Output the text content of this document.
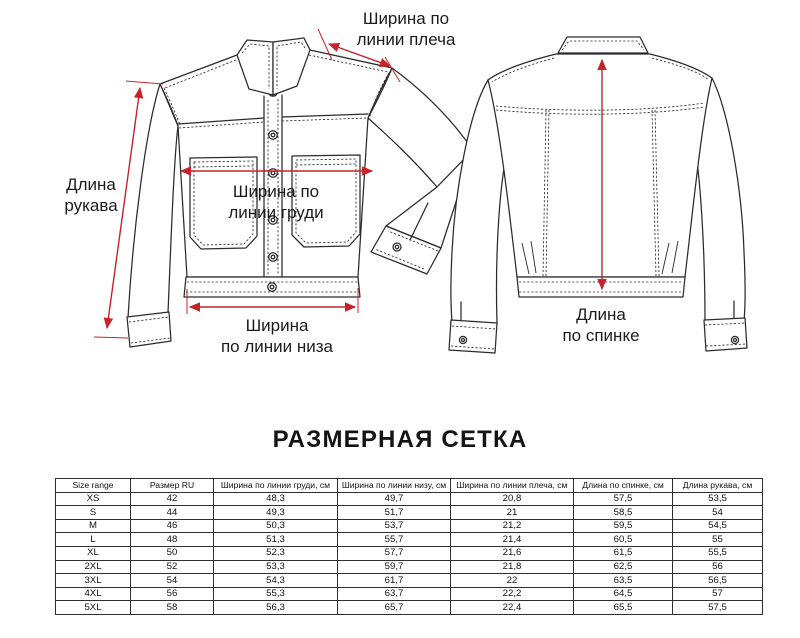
Длина
рукава
Ширина по
линии плеча
Ширина по
линии груди
Ширина
по линии низа
Длина
по спинке
РАЗМЕРНАЯ СЕТКА
Size range	Размер RU	Ширина по линии груди, см	Ширина по линии низу, см	Ширина по линии плеча, см	Длина по спинке, см	Длина рукава, см
XS	42	48,3	49,7	20,8	57,5	53,5
S	44	49,3	51,7	21	58,5	54
M	46	50,3	53,7	21,2	59,5	54,5
L	48	51,3	55,7	21,4	60,5	55
XL	50	52,3	57,7	21,6	61,5	55,5
2XL	52	53,3	59,7	21,8	62,5	56
3XL	54	54,3	61,7	22	63,5	56,5
4XL	56	55,3	63,7	22,2	64,5	57
5XL	58	56,3	65,7	22,4	65,5	57,5
